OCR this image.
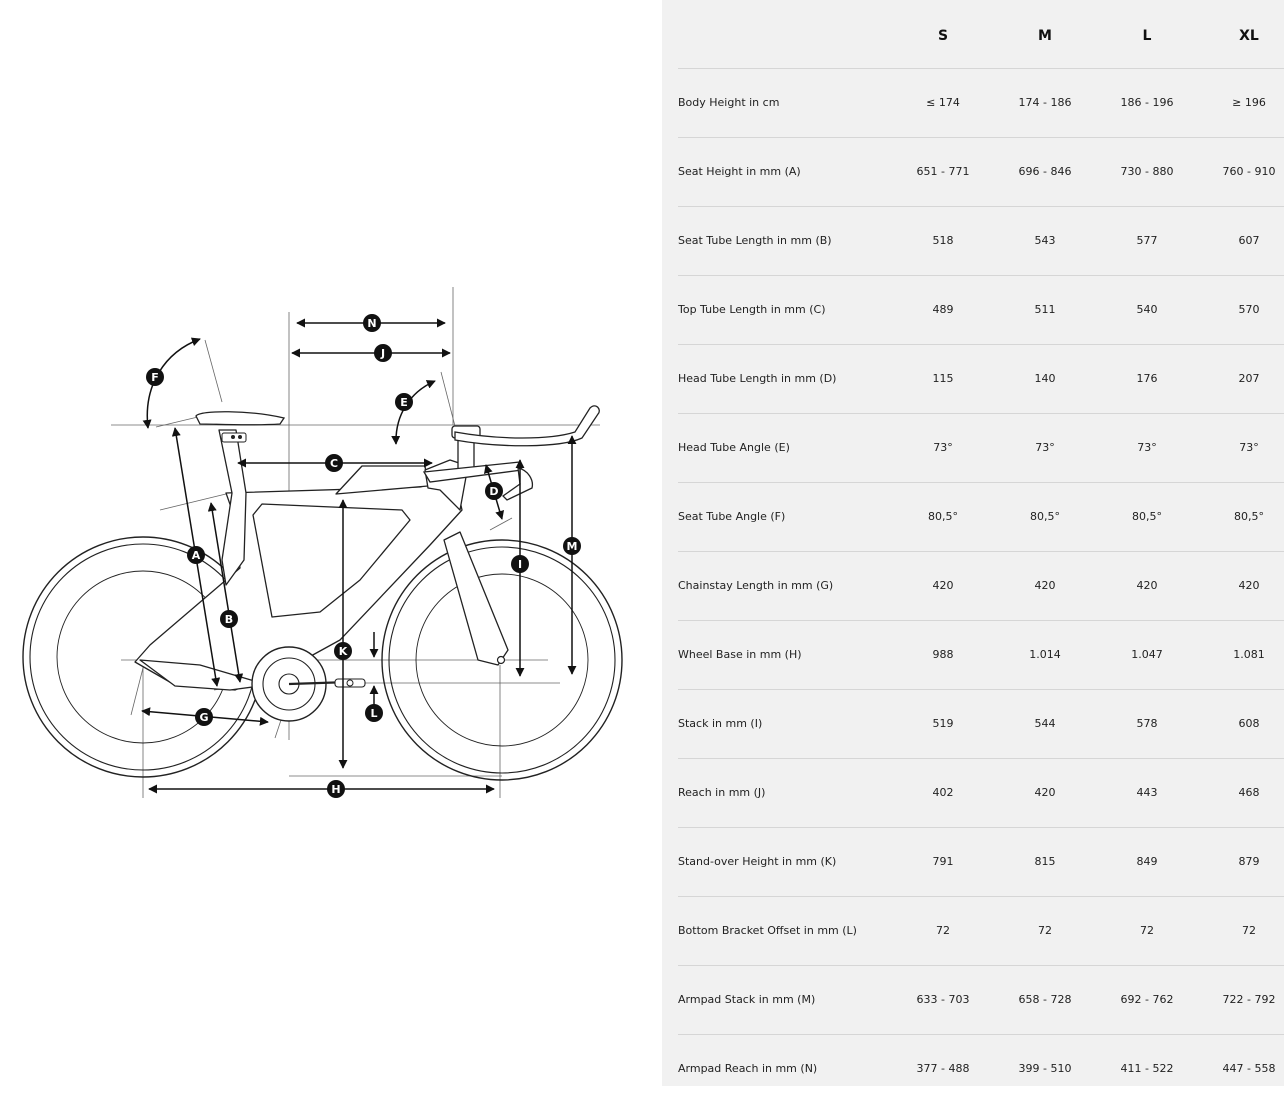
A
B
C
D
E
F
G
H
I
J
K
L
M
N
	S	M	L	XL
Body Height in cm	≤ 174	174 - 186	186 - 196	≥ 196
Seat Height in mm (A)	651 - 771	696 - 846	730 - 880	760 - 910
Seat Tube Length in mm (B)	518	543	577	607
Top Tube Length in mm (C)	489	511	540	570
Head Tube Length in mm (D)	115	140	176	207
Head Tube Angle (E)	73°	73°	73°	73°
Seat Tube Angle (F)	80,5°	80,5°	80,5°	80,5°
Chainstay Length in mm (G)	420	420	420	420
Wheel Base in mm (H)	988	1.014	1.047	1.081
Stack in mm (I)	519	544	578	608
Reach in mm (J)	402	420	443	468
Stand-over Height in mm (K)	791	815	849	879
Bottom Bracket Offset in mm (L)	72	72	72	72
Armpad Stack in mm (M)	633 - 703	658 - 728	692 - 762	722 - 792
Armpad Reach in mm (N)	377 - 488	399 - 510	411 - 522	447 - 558
